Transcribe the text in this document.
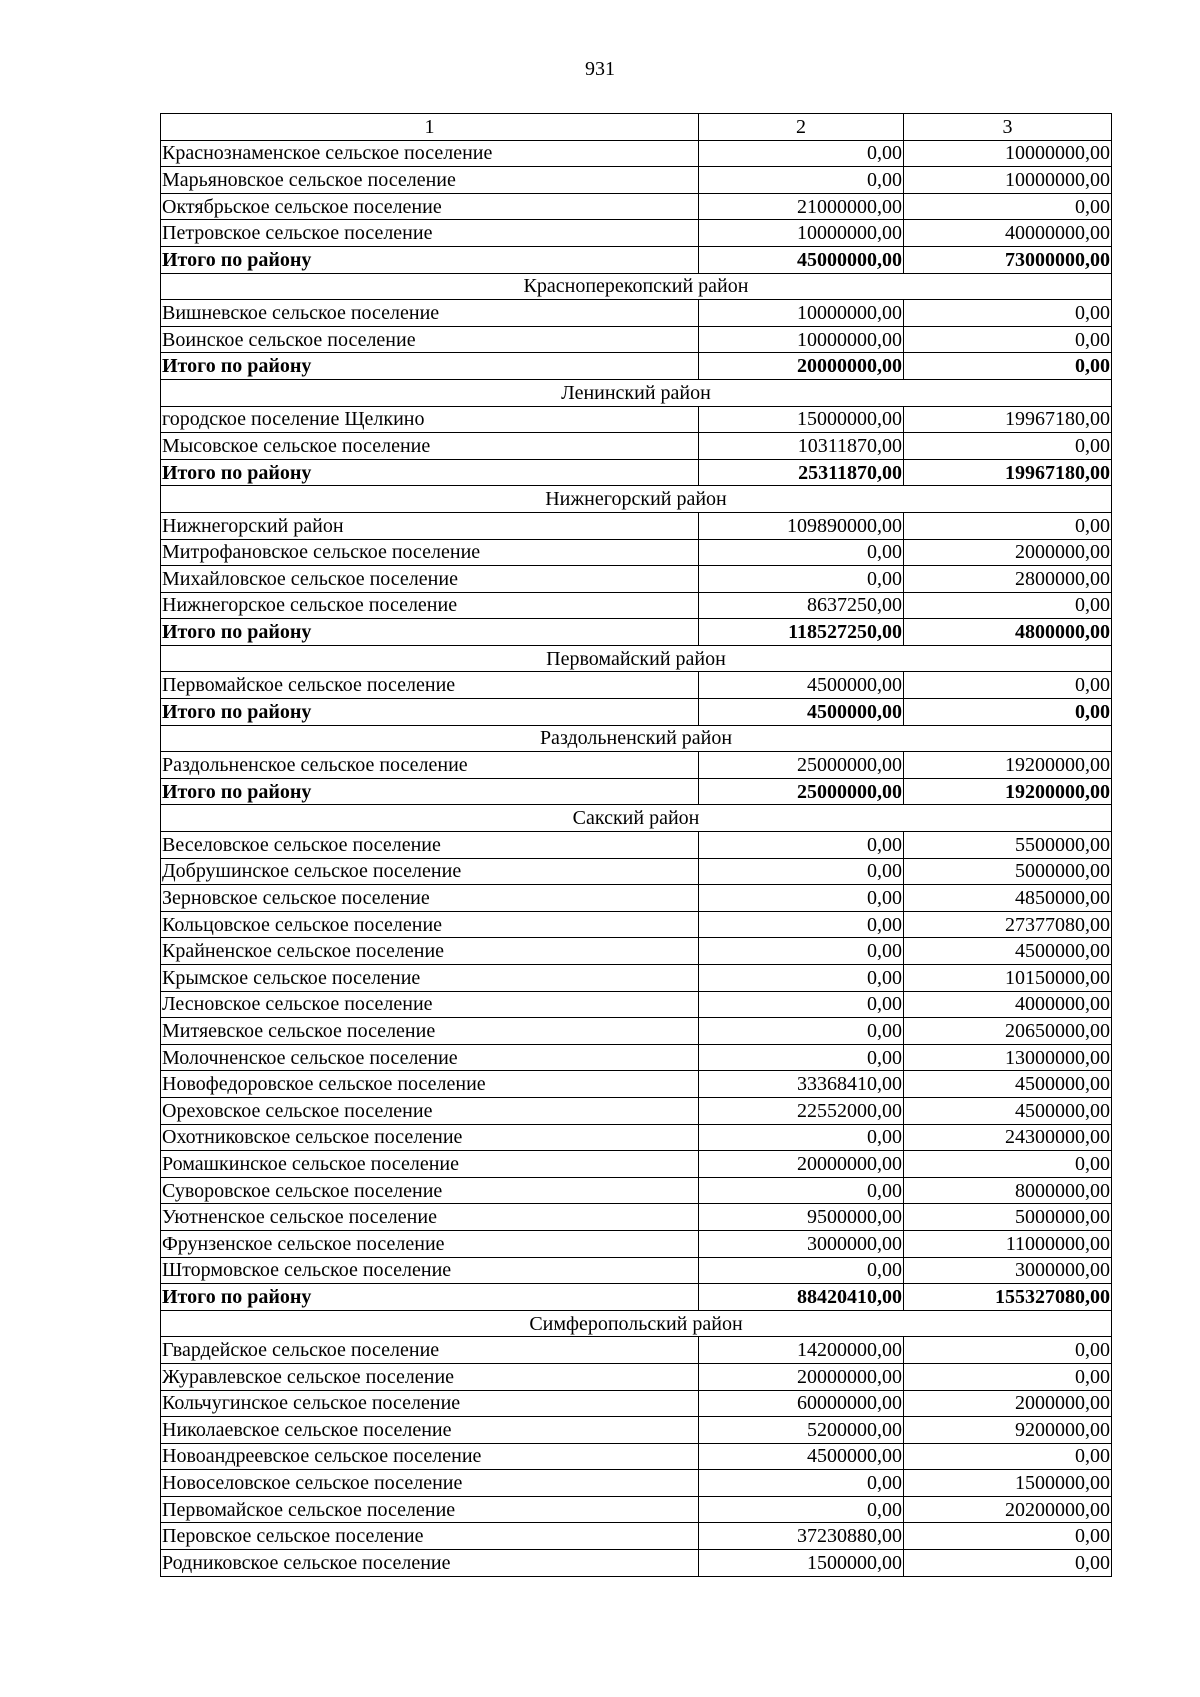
931
1	2	3
Краснознаменское сельское поселение	0,00	10000000,00
Марьяновское сельское поселение	0,00	10000000,00
Октябрьское сельское поселение	21000000,00	0,00
Петровское сельское поселение	10000000,00	40000000,00
Итого по району	45000000,00	73000000,00
Красноперекопский район		
Вишневское сельское поселение	10000000,00	0,00
Воинское сельское поселение	10000000,00	0,00
Итого по району	20000000,00	0,00
Ленинский район		
городское поселение Щелкино	15000000,00	19967180,00
Мысовское сельское поселение	10311870,00	0,00
Итого по району	25311870,00	19967180,00
Нижнегорский район		
Нижнегорский район	109890000,00	0,00
Митрофановское сельское поселение	0,00	2000000,00
Михайловское сельское поселение	0,00	2800000,00
Нижнегорское сельское поселение	8637250,00	0,00
Итого по району	118527250,00	4800000,00
Первомайский район		
Первомайское сельское поселение	4500000,00	0,00
Итого по району	4500000,00	0,00
Раздольненский район		
Раздольненское сельское поселение	25000000,00	19200000,00
Итого по району	25000000,00	19200000,00
Сакский район		
Веселовское сельское поселение	0,00	5500000,00
Добрушинское сельское поселение	0,00	5000000,00
Зерновское сельское поселение	0,00	4850000,00
Кольцовское сельское поселение	0,00	27377080,00
Крайненское сельское поселение	0,00	4500000,00
Крымское сельское поселение	0,00	10150000,00
Лесновское сельское поселение	0,00	4000000,00
Митяевское сельское поселение	0,00	20650000,00
Молочненское сельское поселение	0,00	13000000,00
Новофедоровское сельское поселение	33368410,00	4500000,00
Ореховское сельское поселение	22552000,00	4500000,00
Охотниковское сельское поселение	0,00	24300000,00
Ромашкинское сельское поселение	20000000,00	0,00
Суворовское сельское поселение	0,00	8000000,00
Уютненское сельское поселение	9500000,00	5000000,00
Фрунзенское сельское поселение	3000000,00	11000000,00
Штормовское сельское поселение	0,00	3000000,00
Итого по району	88420410,00	155327080,00
Симферопольский район		
Гвардейское сельское поселение	14200000,00	0,00
Журавлевское сельское поселение	20000000,00	0,00
Кольчугинское сельское поселение	60000000,00	2000000,00
Николаевское сельское поселение	5200000,00	9200000,00
Новоандреевское сельское поселение	4500000,00	0,00
Новоселовское сельское поселение	0,00	1500000,00
Первомайское сельское поселение	0,00	20200000,00
Перовское сельское поселение	37230880,00	0,00
Родниковское сельское поселение	1500000,00	0,00
